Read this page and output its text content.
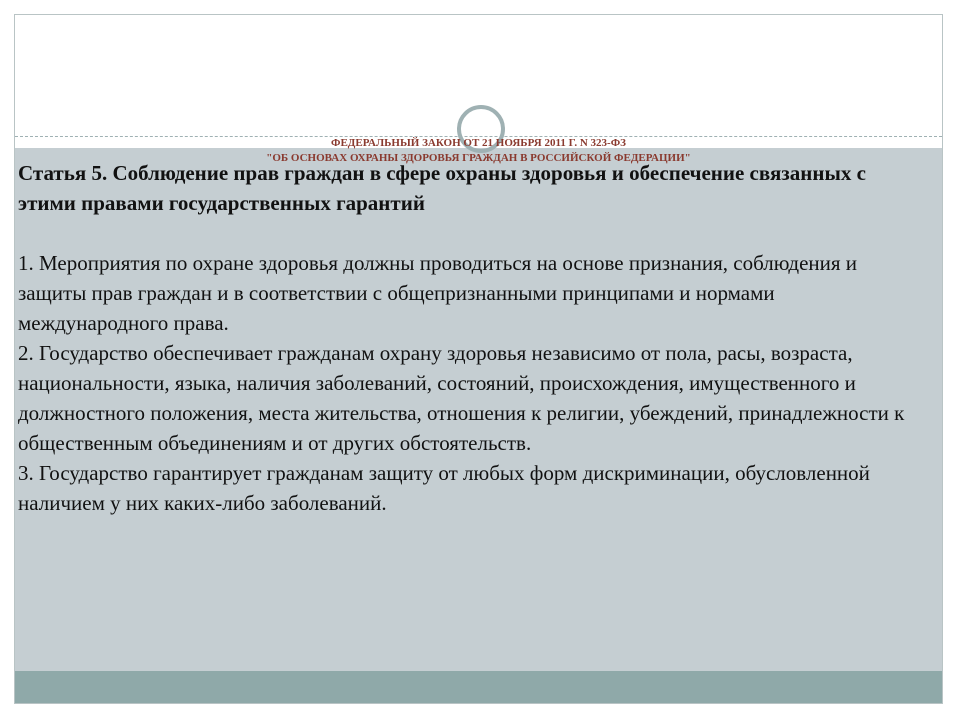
ФЕДЕРАЛЬНЫЙ ЗАКОН ОТ 21 НОЯБРЯ 2011 Г. N 323-ФЗ
"ОБ ОСНОВАХ ОХРАНЫ ЗДОРОВЬЯ ГРАЖДАН В РОССИЙСКОЙ ФЕДЕРАЦИИ"

Статья 5. Соблюдение прав граждан в сфере охраны здоровья и обеспечение связанных с этими правами государственных гарантий

1. Мероприятия по охране здоровья должны проводиться на основе признания, соблюдения и защиты прав граждан и в соответствии с общепризнанными принципами и нормами международного права.

2. Государство обеспечивает гражданам охрану здоровья независимо от пола, расы, возраста, национальности, языка, наличия заболеваний, состояний, происхождения, имущественного и должностного положения, места жительства, отношения к религии, убеждений, принадлежности к общественным объединениям и от других обстоятельств.

3. Государство гарантирует гражданам защиту от любых форм дискриминации, обусловленной наличием у них каких-либо заболеваний.
